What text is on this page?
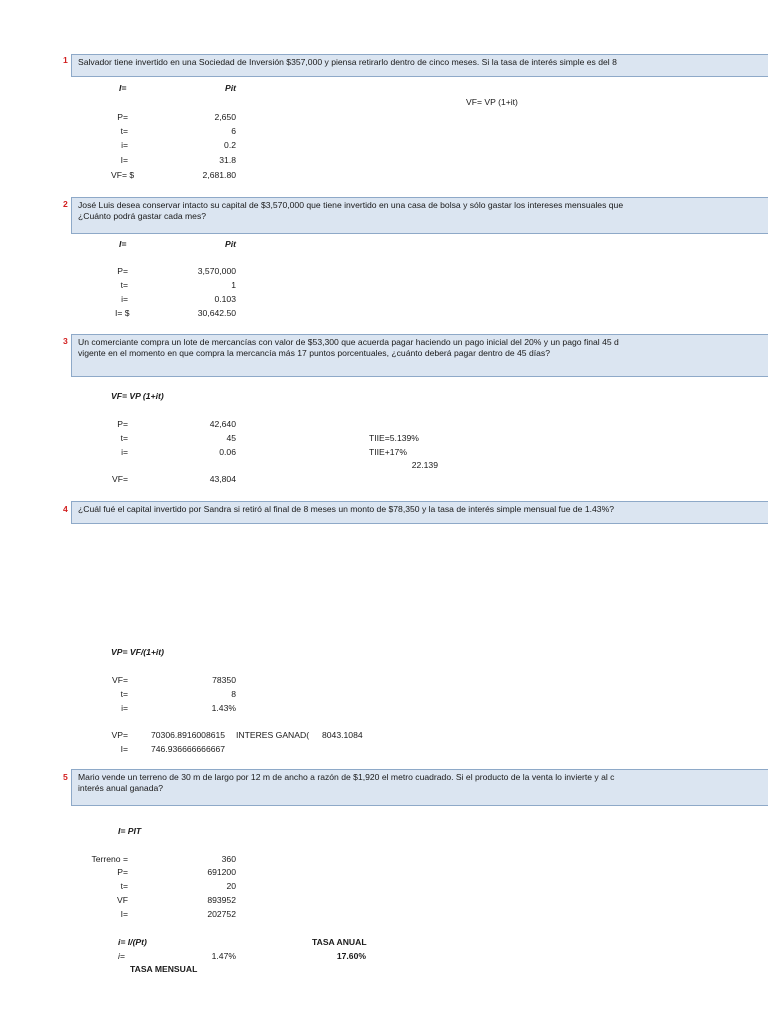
1 Salvador tiene invertido en una Sociedad de Inversión $357,000 y piensa retirarlo dentro de cinco meses. Si la tasa de interés simple es del 8
I=	Pit
VF= VP (1+it)
P=	2,650
t=	6
i=	0.2
I=	31.8
VF= $	2,681.80
2 José Luis desea conservar intacto su capital de $3,570,000 que tiene invertido en una casa de bolsa y sólo gastar los intereses mensuales que
¿Cuánto podrá gastar cada mes?
I=	Pit
P=	3,570,000
t=	1
i=	0.103
I= $	30,642.50
3 Un comerciante compra un lote de mercancías con valor de $53,300 que acuerda pagar haciendo un pago inicial del 20% y un pago final 45 d
vigente en el momento en que compra la mercancía más 17 puntos porcentuales, ¿cuánto deberá pagar dentro de 45 días?
VF= VP (1+it)
P=	42,640
t=	45
i=	0.06
VF=	43,804
TIIE=5.139%
TIIE+17%
22.139
4 ¿Cuál fué el capital invertido por Sandra si retiró al final de 8 meses un monto de $78,350 y la tasa de interés simple mensual fue de 1.43%?
VP= VF/(1+it)
VF=	78350
t=	8
i=	1.43%
VP=	70306.8916008615 INTERES GANAD( 8043.1084
I=	746.936666666667
5 Mario vende un terreno de 30 m de largo por 12 m de ancho a razón de $1,920 el metro cuadrado. Si el producto de la venta lo invierte y al c
interés anual ganada?
I= PIT
Terreno =	360
P=	691200
t=	20
VF	893952
I=	202752
i= I/(Pt)
i=	1.47%
TASA ANUAL
17.60%
TASA MENSUAL
